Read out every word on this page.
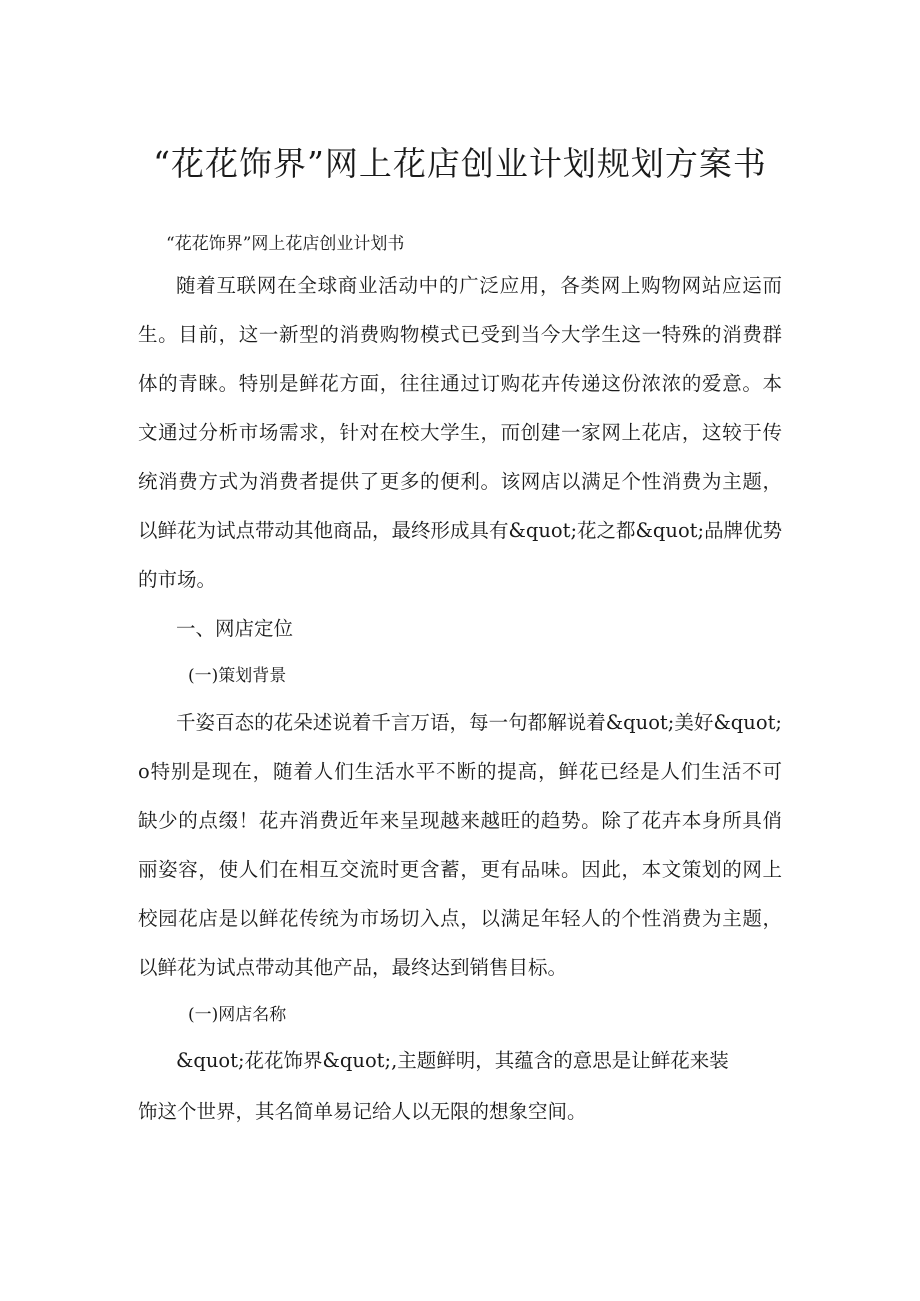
“花花饰界”网上花店创业计划规划方案书
“花花饰界”网上花店创业计划书
随着互联网在全球商业活动中的广泛应用，各类网上购物网站应运而
生。目前，这一新型的消费购物模式已受到当今大学生这一特殊的消费群
体的青睐。特别是鲜花方面，往往通过订购花卉传递这份浓浓的爱意。本
文通过分析市场需求，针对在校大学生，而创建一家网上花店，这较于传
统消费方式为消费者提供了更多的便利。该网店以满足个性消费为主题，
以鲜花为试点带动其他商品，最终形成具有&quot;花之都&quot;品牌优势
的市场。
一、网店定位
(一)策划背景
千姿百态的花朵述说着千言万语，每一句都解说着&quot;美好&quot;
o特别是现在，随着人们生活水平不断的提高，鲜花已经是人们生活不可
缺少的点缀！花卉消费近年来呈现越来越旺的趋势。除了花卉本身所具俏
丽姿容，使人们在相互交流时更含蓄，更有品味。因此，本文策划的网上
校园花店是以鲜花传统为市场切入点，以满足年轻人的个性消费为主题，
以鲜花为试点带动其他产品，最终达到销售目标。
(一)网店名称
&quot;花花饰界&quot;,主题鲜明，其蕴含的意思是让鲜花来装
饰这个世界，其名简单易记给人以无限的想象空间。
